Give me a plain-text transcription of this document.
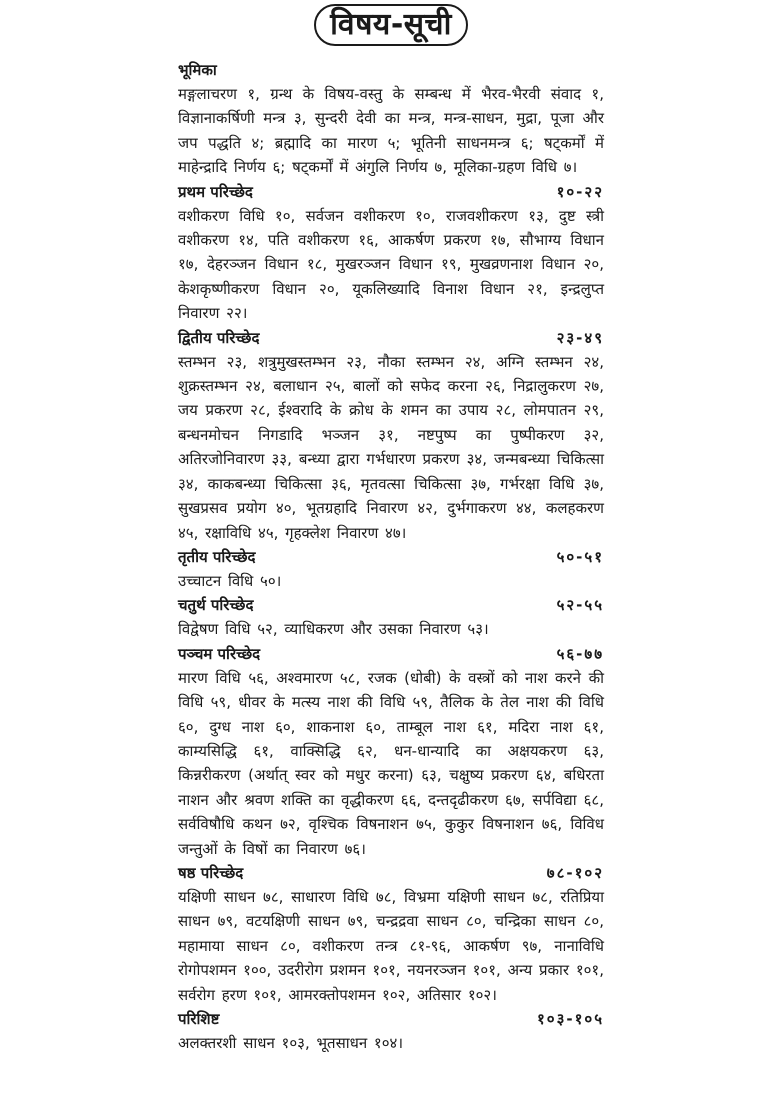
विषय-सूची
भूमिका

मङ्गलाचरण १, ग्रन्थ के विषय-वस्तु के सम्बन्ध में भैरव-भैरवी संवाद १, विज्ञानाकर्षिणी मन्त्र ३, सुन्दरी देवी का मन्त्र, मन्त्र-साधन, मुद्रा, पूजा और जप पद्धति ४; ब्रह्मादि का मारण ५; भूतिनी साधनमन्त्र ६; षट्कर्मों में माहेन्द्रादि निर्णय ६; षट्कर्मों में अंगुलि निर्णय ७, मूलिका-ग्रहण विधि ७।

प्रथम परिच्छेद	१०-२२

वशीकरण विधि १०, सर्वजन वशीकरण १०, राजवशीकरण १३, दुष्ट स्त्री वशीकरण १४, पति वशीकरण १६, आकर्षण प्रकरण १७, सौभाग्य विधान १७, देहरञ्जन विधान १८, मुखरञ्जन विधान १९, मुखव्रणनाश विधान २०, केशकृष्णीकरण विधान २०, यूकलिख्यादि विनाश विधान २१, इन्द्रलुप्त निवारण २२।

द्वितीय परिच्छेद	२३-४९

स्तम्भन २३, शत्रुमुखस्तम्भन २३, नौका स्तम्भन २४, अग्नि स्तम्भन २४, शुक्रस्तम्भन २४, बलाधान २५, बालों को सफेद करना २६, निद्रालुकरण २७, जय प्रकरण २८, ईश्वरादि के क्रोध के शमन का उपाय २८, लोमपातन २९, बन्धनमोचन निगडादि भञ्जन ३१, नष्टपुष्प का पुष्पीकरण ३२, अतिरजोनिवारण ३३, बन्ध्या द्वारा गर्भधारण प्रकरण ३४, जन्मबन्ध्या चिकित्सा ३४, काकबन्ध्या चिकित्सा ३६, मृतवत्सा चिकित्सा ३७, गर्भरक्षा विधि ३७, सुखप्रसव प्रयोग ४०, भूतग्रहादि निवारण ४२, दुर्भगाकरण ४४, कलहकरण ४५, रक्षाविधि ४५, गृहक्लेश निवारण ४७।

तृतीय परिच्छेद	५०-५१

उच्चाटन विधि ५०।

चतुर्थ परिच्छेद	५२-५५

विद्वेषण विधि ५२, व्याधिकरण और उसका निवारण ५३।

पञ्चम परिच्छेद	५६-७७

मारण विधि ५६, अश्वमारण ५८, रजक (धोबी) के वस्त्रों को नाश करने की विधि ५९, धीवर के मत्स्य नाश की विधि ५९, तैलिक के तेल नाश की विधि ६०, दुग्ध नाश ६०, शाकनाश ६०, ताम्बूल नाश ६१, मदिरा नाश ६१, काम्यसिद्धि ६१, वाक्सिद्धि ६२, धन-धान्यादि का अक्षयकरण ६३, किन्नरीकरण (अर्थात् स्वर को मधुर करना) ६३, चक्षुष्य प्रकरण ६४, बधिरता नाशन और श्रवण शक्ति का वृद्धीकरण ६६, दन्तदृढीकरण ६७, सर्पविद्या ६८, सर्वविषौधि कथन ७२, वृश्चिक विषनाशन ७५, कुकुर विषनाशन ७६, विविध जन्तुओं के विषों का निवारण ७६।

षष्ठ परिच्छेद	७८-१०२

यक्षिणी साधन ७८, साधारण विधि ७८, विभ्रमा यक्षिणी साधन ७८, रतिप्रिया साधन ७९, वटयक्षिणी साधन ७९, चन्द्रद्रवा साधन ८०, चन्द्रिका साधन ८०, महामाया साधन ८०, वशीकरण तन्त्र ८१-९६, आकर्षण ९७, नानाविधि रोगोपशमन १००, उदरीरोग प्रशमन १०१, नयनरञ्जन १०१, अन्य प्रकार १०१, सर्वरोग हरण १०१, आमरक्तोपशमन १०२, अतिसार १०२।

परिशिष्ट	१०३-१०५

अलक्तरशी साधन १०३, भूतसाधन १०४।
